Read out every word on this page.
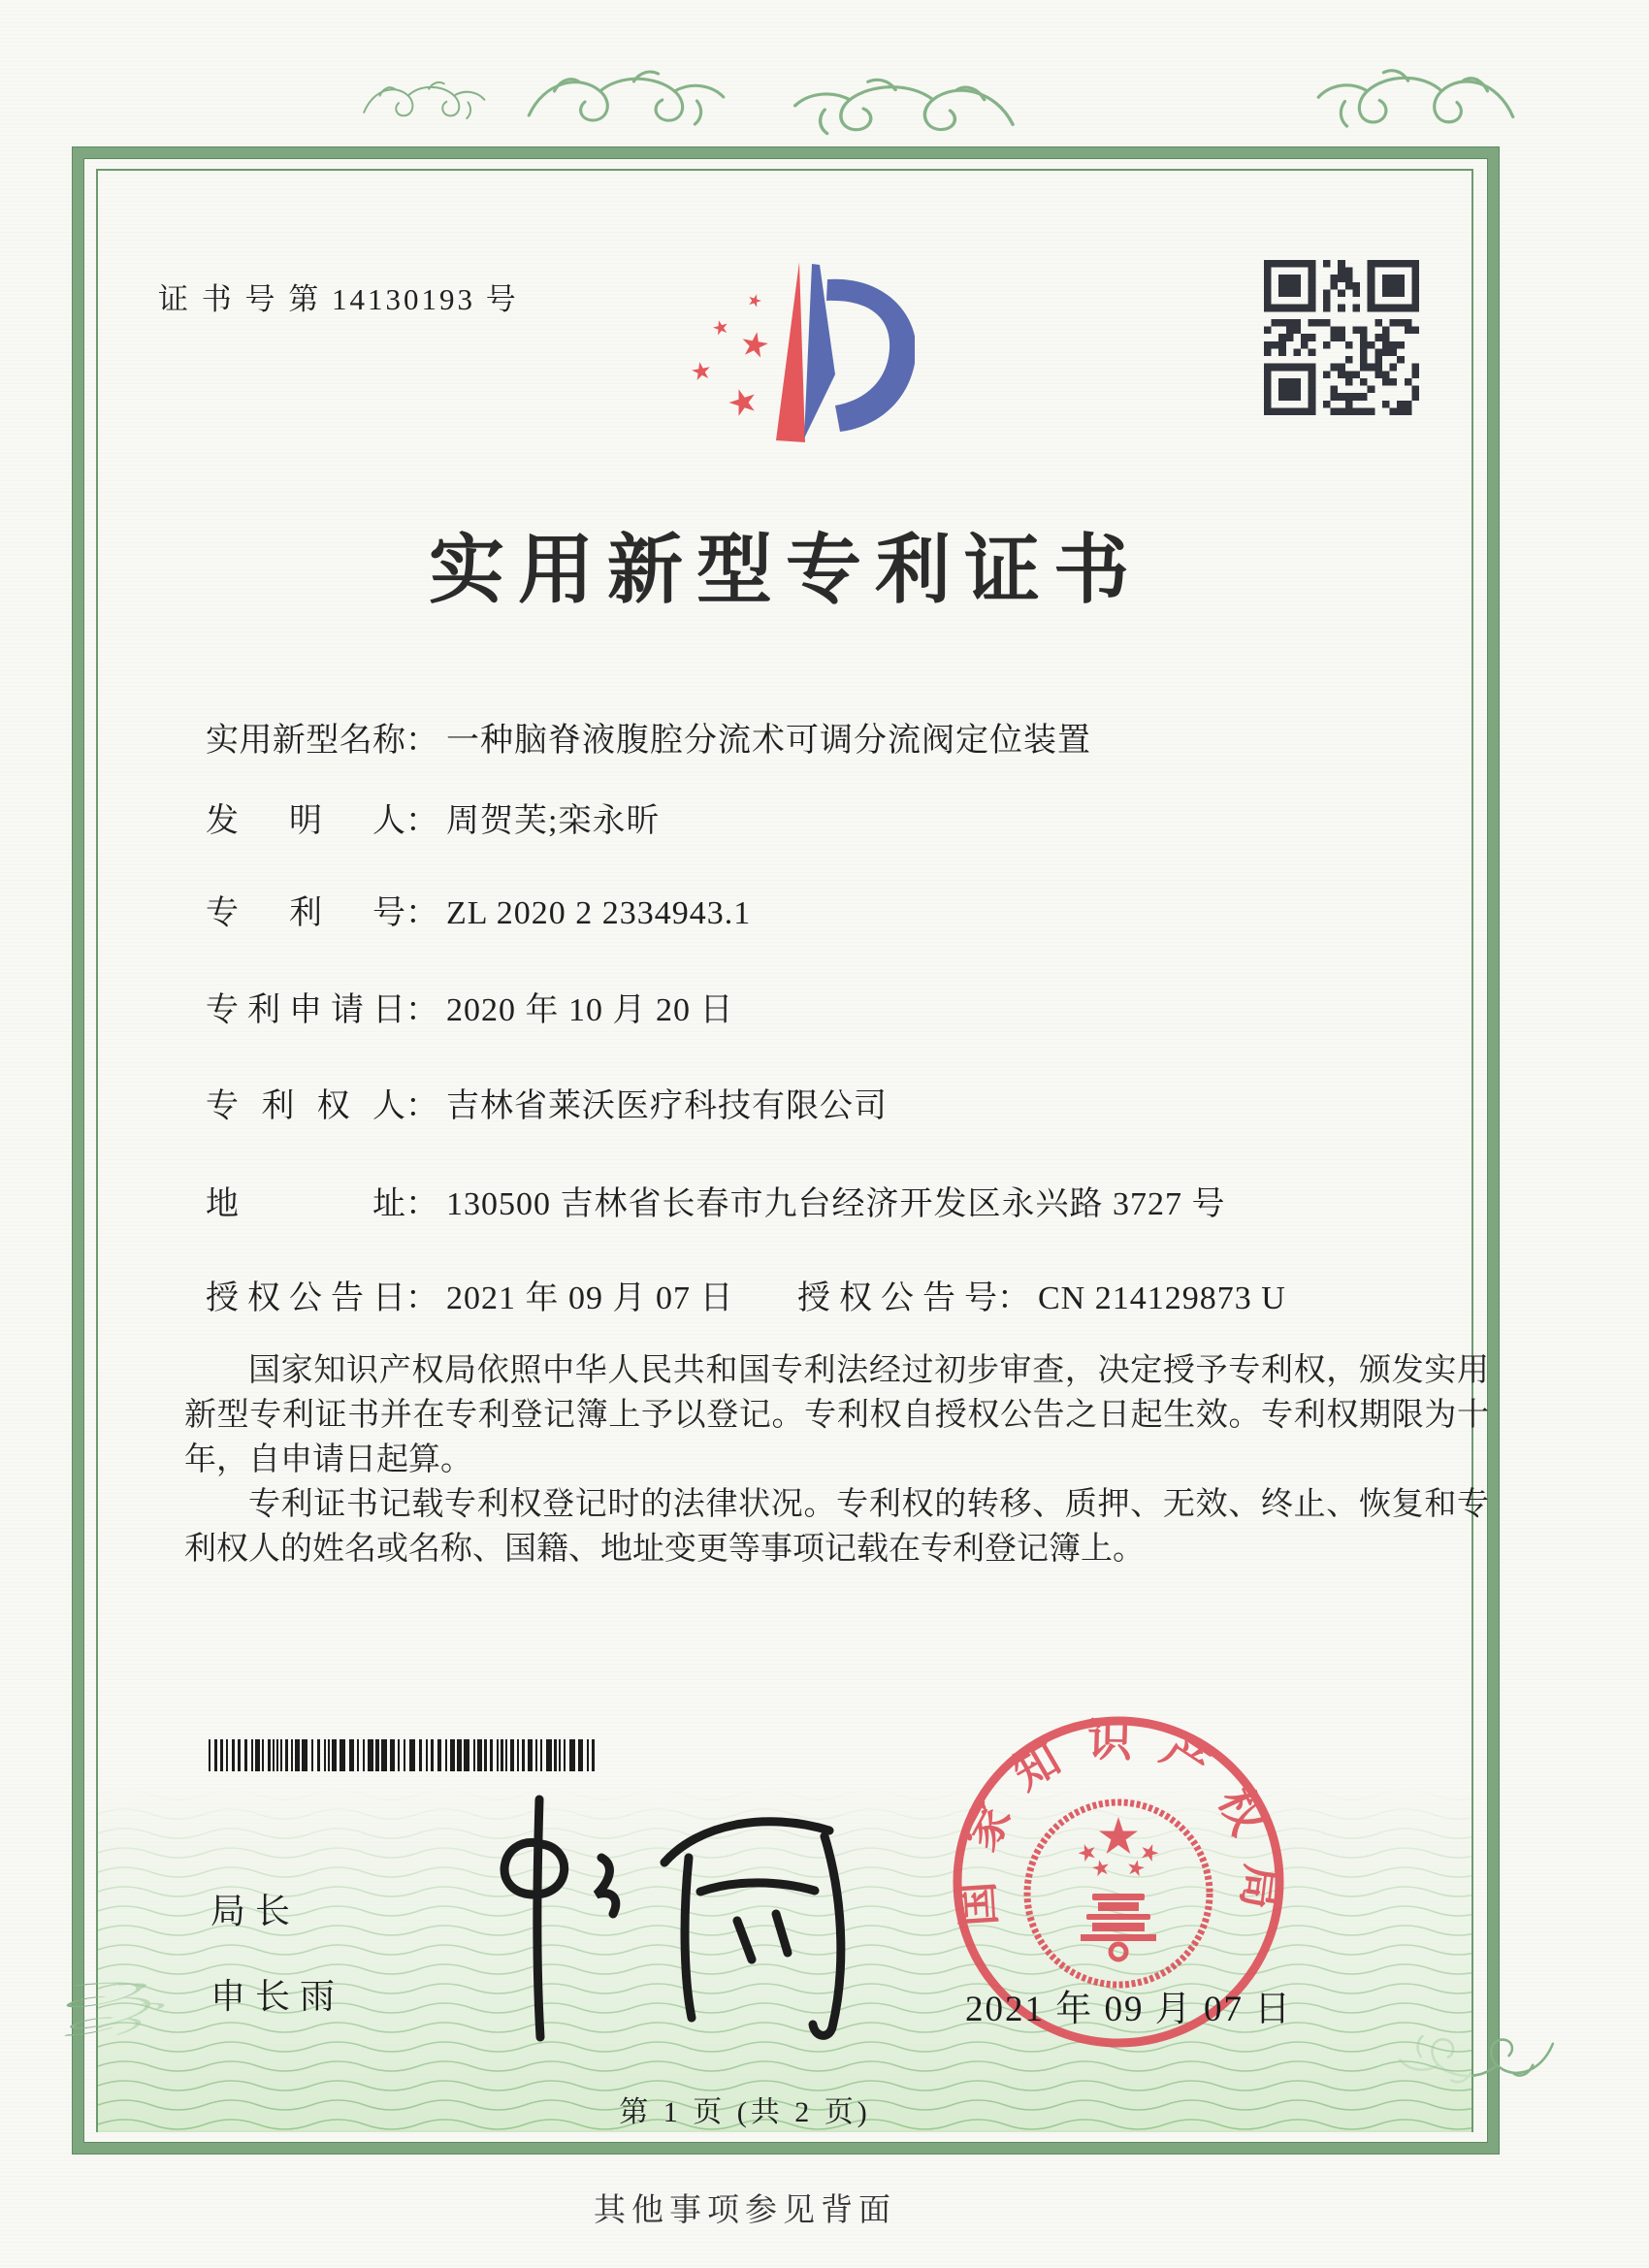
证 书 号 第 14130193 号
实用新型专利证书
实用新型名称： 一种脑脊液腹腔分流术可调分流阀定位装置
发明人： 周贺芙;栾永昕
专利号： ZL 2020 2 2334943.1
专利申请日： 2020 年 10 月 20 日
专利权人： 吉林省莱沃医疗科技有限公司
地址： 130500 吉林省长春市九台经济开发区永兴路 3727 号
授权公告日： 2021 年 09 月 07 日 授权公告号： CN 214129873 U

国家知识产权局依照中华人民共和国专利法经过初步审查，决定授予专利权，颁发实用新型专利证书并在专利登记簿上予以登记。专利权自授权公告之日起生效。专利权期限为十年，自申请日起算。

专利证书记载专利权登记时的法律状况。专利权的转移、质押、无效、终止、恢复和专利权人的姓名或名称、国籍、地址变更等事项记载在专利登记簿上。

局长
申长雨
国家知识产权局
2021 年 09 月 07 日
第 1 页 (共 2 页)
其他事项参见背面
